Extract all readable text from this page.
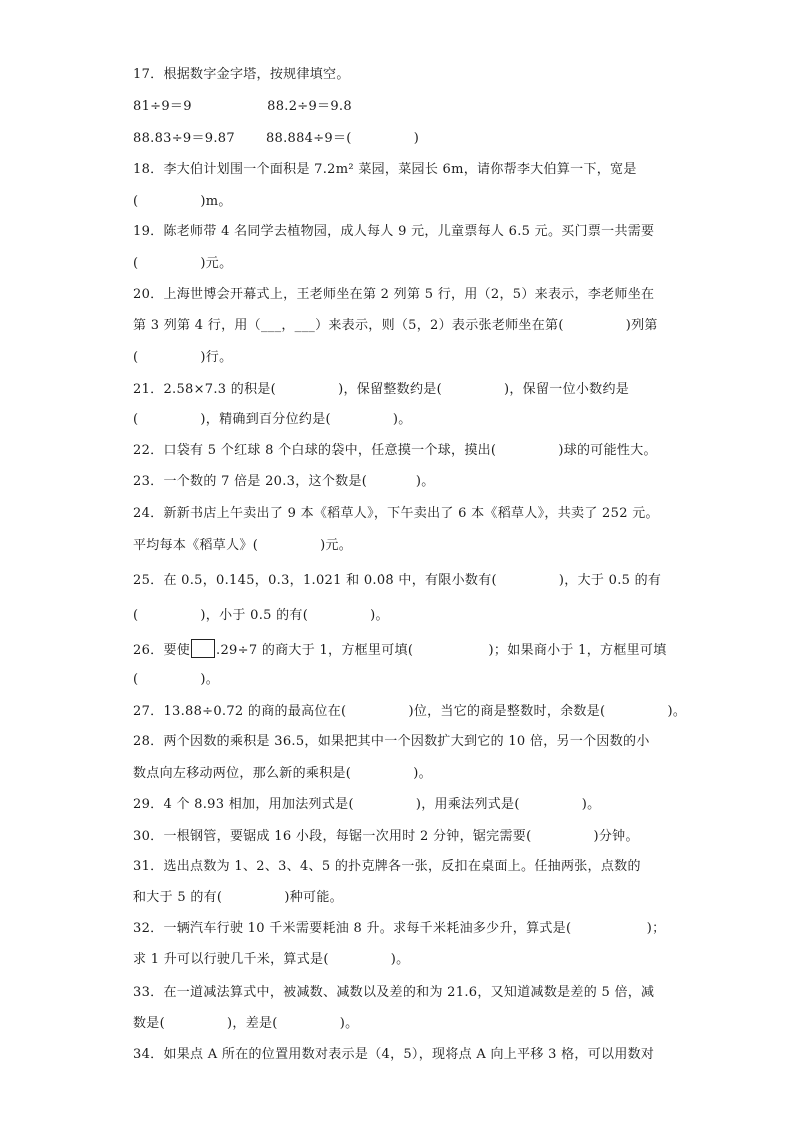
17．根据数字金字塔，按规律填空。
81÷9＝9                 88.2÷9＝9.8
88.83÷9＝9.87       88.884÷9＝(              )
18．李大伯计划围一个面积是 7.2m² 菜园，菜园长 6m，请你帮李大伯算一下，宽是
(              )m。
19．陈老师带 4 名同学去植物园，成人每人 9 元，儿童票每人 6.5 元。买门票一共需要
(              )元。
20．上海世博会开幕式上，王老师坐在第 2 列第 5 行，用（2，5）来表示，李老师坐在
第 3 列第 4 行，用（___，___）来表示，则（5，2）表示张老师坐在第(              )列第
(              )行。
21．2.58×7.3 的积是(              )，保留整数约是(              )，保留一位小数约是
(              )，精确到百分位约是(              )。
22．口袋有 5 个红球 8 个白球的袋中，任意摸一个球，摸出(              )球的可能性大。
23．一个数的 7 倍是 20.3，这个数是(           )。
24．新新书店上午卖出了 9 本《稻草人》，下午卖出了 6 本《稻草人》，共卖了 252 元。
平均每本《稻草人》(              )元。
25．在 0.5，0.145，0.3，1.021 和 0.0̇8̇ 中，有限小数有(              )，大于 0.5 的有
(              )，小于 0.5 的有(              )。
26．要使 .29÷7 的商大于 1，方框里可填(                 )；如果商小于 1，方框里可填
(              )。
27．13.88÷0.72 的商的最高位在(              )位，当它的商是整数时，余数是(              )。
28．两个因数的乘积是 36.5，如果把其中一个因数扩大到它的 10 倍，另一个因数的小
数点向左移动两位，那么新的乘积是(              )。
29．4 个 8.93 相加，用加法列式是(              )，用乘法列式是(              )。
30．一根钢管，要锯成 16 小段，每锯一次用时 2 分钟，锯完需要(              )分钟。
31．选出点数为 1、2、3、4、5 的扑克牌各一张，反扣在桌面上。任抽两张，点数的
和大于 5 的有(              )种可能。
32．一辆汽车行驶 10 千米需要耗油 8 升。求每千米耗油多少升，算式是(                 )；
求 1 升可以行驶几千米，算式是(              )。
33．在一道减法算式中，被减数、减数以及差的和为 21.6，又知道减数是差的 5 倍，减
数是(              )，差是(              )。
34．如果点 A 所在的位置用数对表示是（4，5），现将点 A 向上平移 3 格，可以用数对
